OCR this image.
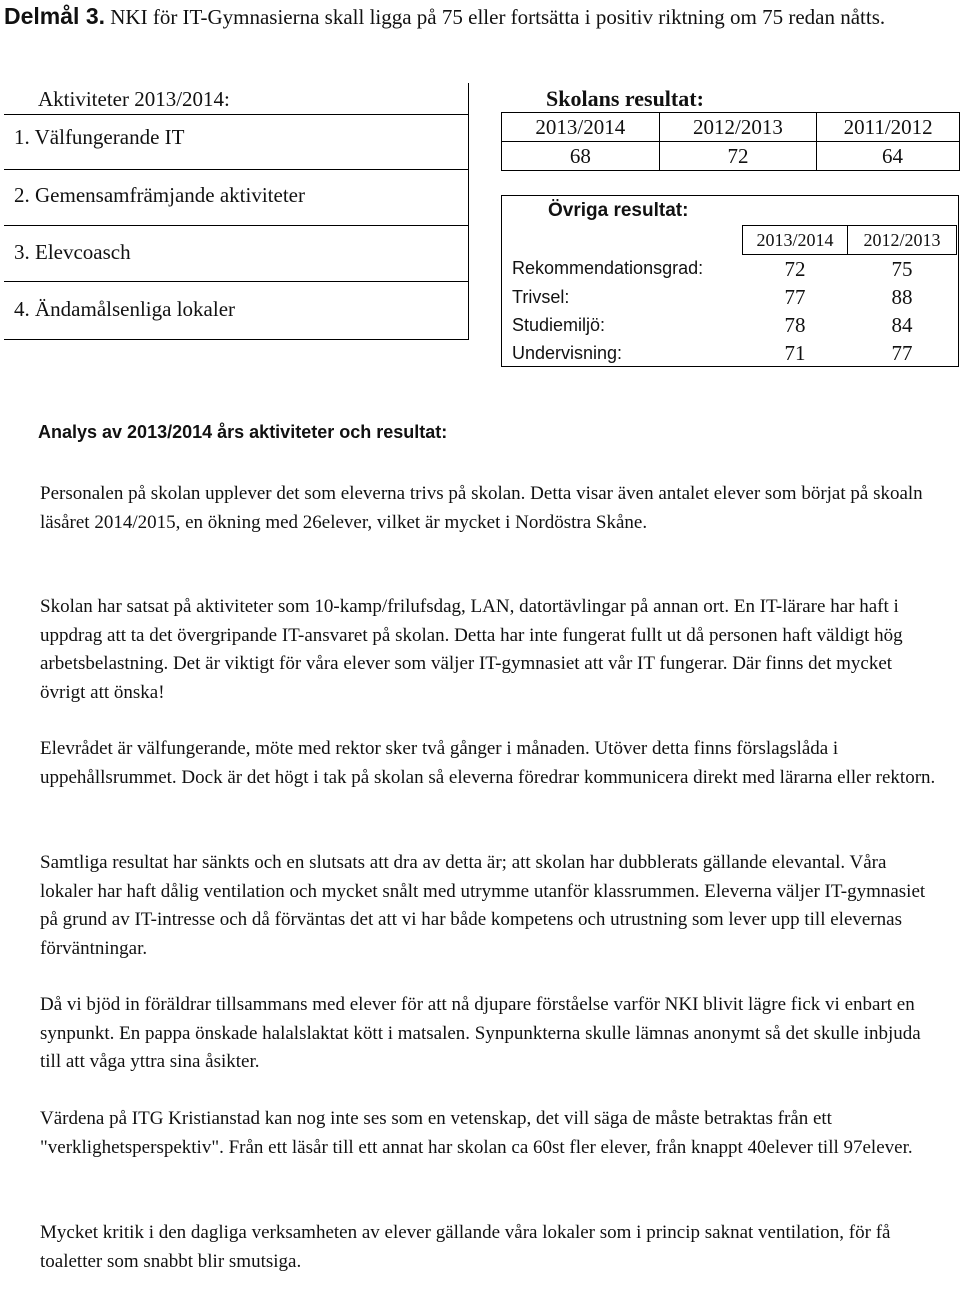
Delmål 3. NKI för IT-Gymnasierna skall ligga på 75 eller fortsätta i positiv riktning om 75 redan nåtts.
Aktiviteter 2013/2014:
1. Välfungerande IT
2. Gemensamfrämjande aktiviteter
3. Elevcoasch
4. Ändamålsenliga lokaler
Skolans resultat:
2013/2014	2012/2013	2011/2012
68	72	64
Övriga resultat:
	2013/2014	2012/2013
Rekommendationsgrad:	72	75
Trivsel:	77	88
Studiemiljö:	78	84
Undervisning:	71	77
Analys av 2013/2014 års aktiviteter och resultat:

Personalen på skolan upplever det som eleverna trivs på skolan. Detta visar även antalet elever som börjat på skoaln läsåret 2014/2015, en ökning med 26elever, vilket är mycket i Nordöstra Skåne.

Skolan har satsat på aktiviteter som 10-kamp/frilufsdag, LAN, datortävlingar på annan ort. En IT-lärare har haft i uppdrag att ta det övergripande IT-ansvaret på skolan. Detta har inte fungerat fullt ut då personen haft väldigt hög arbetsbelastning. Det är viktigt för våra elever som väljer IT-gymnasiet att vår IT fungerar. Där finns det mycket övrigt att önska!

Elevrådet är välfungerande, möte med rektor sker två gånger i månaden. Utöver detta finns förslagslåda i uppehållsrummet. Dock är det högt i tak på skolan så eleverna föredrar kommunicera direkt med lärarna eller rektorn.

Samtliga resultat har sänkts och en slutsats att dra av detta är; att skolan har dubblerats gällande elevantal. Våra lokaler har haft dålig ventilation och mycket snålt med utrymme utanför klassrummen. Eleverna väljer IT-gymnasiet på grund av IT-intresse och då förväntas det att vi har både kompetens och utrustning som lever upp till elevernas förväntningar.

Då vi bjöd in föräldrar tillsammans med elever för att nå djupare förståelse varför NKI blivit lägre fick vi enbart en synpunkt. En pappa önskade halalslaktat kött i matsalen. Synpunkterna skulle lämnas anonymt så det skulle inbjuda till att våga yttra sina åsikter.

Värdena på ITG Kristianstad kan nog inte ses som en vetenskap, det vill säga de måste betraktas från ett "verklighetsperspektiv". Från ett läsår till ett annat har skolan ca 60st fler elever, från knappt 40elever till 97elever.

Mycket kritik i den dagliga verksamheten av elever gällande våra lokaler som i princip saknat ventilation, för få toaletter som snabbt blir smutsiga.
